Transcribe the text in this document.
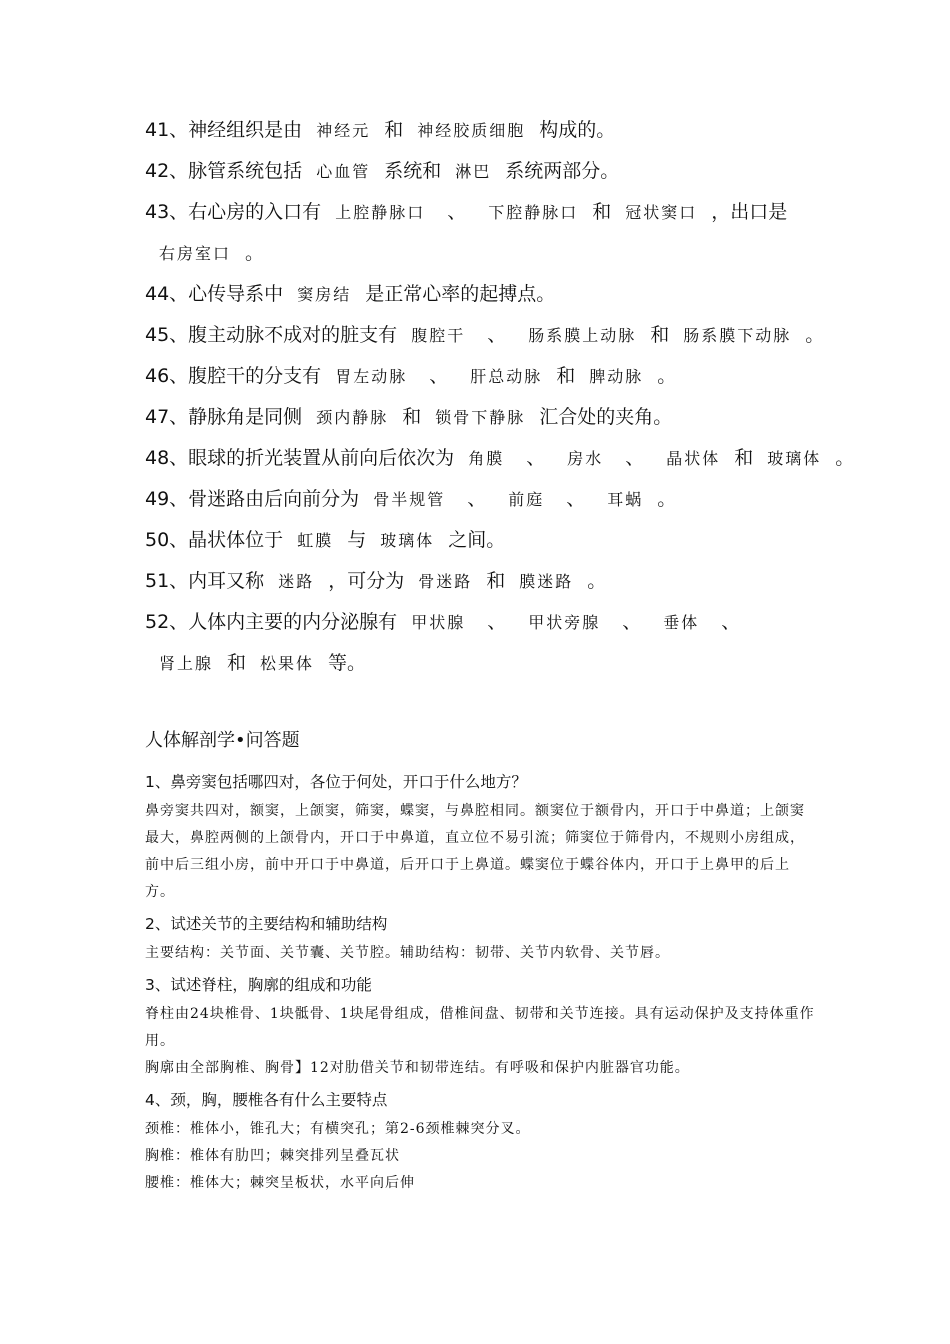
41、神经组织是由 神经元 和 神经胶质细胞 构成的。
42、脉管系统包括 心血管 系统和 淋巴 系统两部分。
43、右心房的入口有 上腔静脉口 、 下腔静脉口 和 冠状窦口 ，出口是右房室口 。
44、心传导系中 窦房结 是正常心率的起搏点。
45、腹主动脉不成对的脏支有 腹腔干 、 肠系膜上动脉 和 肠系膜下动脉 。
46、腹腔干的分支有 胃左动脉 、 肝总动脉 和 脾动脉 。
47、静脉角是同侧 颈内静脉 和 锁骨下静脉 汇合处的夹角。
48、眼球的折光装置从前向后依次为 角膜 、 房水 、 晶状体 和 玻璃体 。
49、骨迷路由后向前分为 骨半规管 、 前庭 、 耳蜗 。
50、晶状体位于 虹膜 与 玻璃体 之间。
51、内耳又称 迷路 ，可分为 骨迷路 和 膜迷路 。
52、人体内主要的内分泌腺有 甲状腺 、 甲状旁腺 、 垂体 、肾上腺 和 松果体 等。
人体解剖学•问答题
1、鼻旁窦包括哪四对，各位于何处，开口于什么地方？
鼻旁窦共四对，额窦，上颌窦，筛窦，蝶窦，与鼻腔相同。额窦位于额骨内，开口于中鼻道；上颌窦最大，鼻腔两侧的上颌骨内，开口于中鼻道，直立位不易引流；筛窦位于筛骨内，不规则小房组成，前中后三组小房，前中开口于中鼻道，后开口于上鼻道。蝶窦位于蝶谷体内，开口于上鼻甲的后上方。
2、试述关节的主要结构和辅助结构
主要结构：关节面、关节囊、关节腔。辅助结构：韧带、关节内软骨、关节唇。
3、试述脊柱，胸廓的组成和功能
脊柱由24块椎骨、1块骶骨、1块尾骨组成，借椎间盘、韧带和关节连接。具有运动保护及支持体重作用。
胸廓由全部胸椎、胸骨】12对肋借关节和韧带连结。有呼吸和保护内脏器官功能。
4、颈，胸，腰椎各有什么主要特点
颈椎：椎体小，锥孔大；有横突孔；第2-6颈椎棘突分叉。
胸椎：椎体有肋凹；棘突排列呈叠瓦状
腰椎：椎体大；棘突呈板状，水平向后伸
